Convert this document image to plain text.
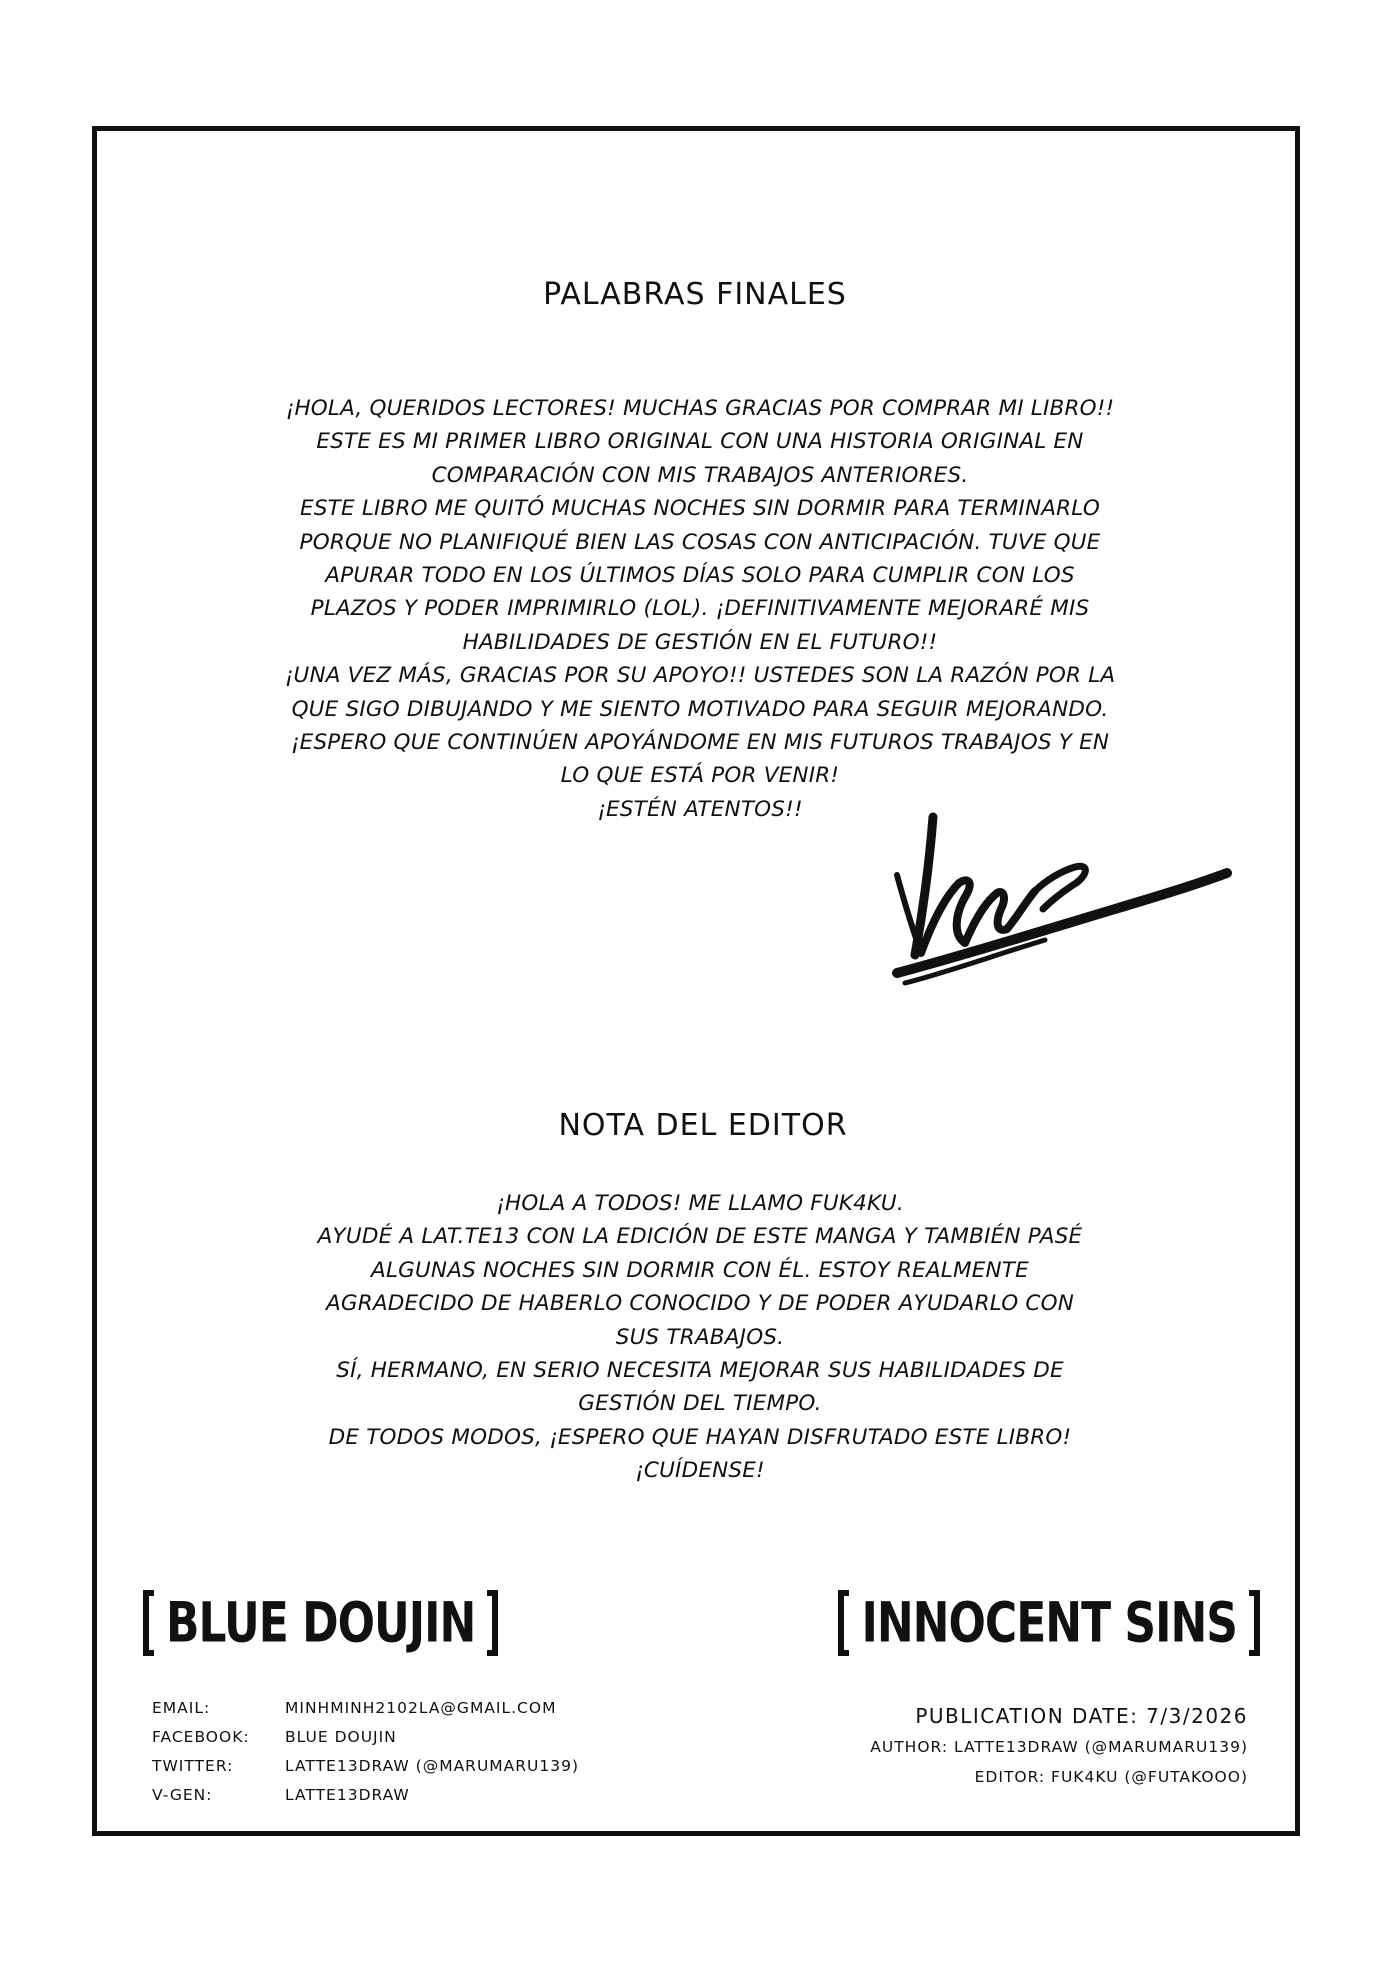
PALABRAS FINALES
¡HOLA, QUERIDOS LECTORES! MUCHAS GRACIAS POR COMPRAR MI LIBRO!!
ESTE ES MI PRIMER LIBRO ORIGINAL CON UNA HISTORIA ORIGINAL EN
COMPARACIÓN CON MIS TRABAJOS ANTERIORES.
ESTE LIBRO ME QUITÓ MUCHAS NOCHES SIN DORMIR PARA TERMINARLO
PORQUE NO PLANIFIQUÉ BIEN LAS COSAS CON ANTICIPACIÓN. TUVE QUE
APURAR TODO EN LOS ÚLTIMOS DÍAS SOLO PARA CUMPLIR CON LOS
PLAZOS Y PODER IMPRIMIRLO (LOL). ¡DEFINITIVAMENTE MEJORARÉ MIS
HABILIDADES DE GESTIÓN EN EL FUTURO!!
¡UNA VEZ MÁS, GRACIAS POR SU APOYO!! USTEDES SON LA RAZÓN POR LA
QUE SIGO DIBUJANDO Y ME SIENTO MOTIVADO PARA SEGUIR MEJORANDO.
¡ESPERO QUE CONTINÚEN APOYÁNDOME EN MIS FUTUROS TRABAJOS Y EN
LO QUE ESTÁ POR VENIR!
¡ESTÉN ATENTOS!!
NOTA DEL EDITOR
¡HOLA A TODOS! ME LLAMO FUK4KU.
AYUDÉ A LAT.TE13 CON LA EDICIÓN DE ESTE MANGA Y TAMBIÉN PASÉ
ALGUNAS NOCHES SIN DORMIR CON ÉL. ESTOY REALMENTE
AGRADECIDO DE HABERLO CONOCIDO Y DE PODER AYUDARLO CON
SUS TRABAJOS.
SÍ, HERMANO, EN SERIO NECESITA MEJORAR SUS HABILIDADES DE
GESTIÓN DEL TIEMPO.
DE TODOS MODOS, ¡ESPERO QUE HAYAN DISFRUTADO ESTE LIBRO!
¡CUÍDENSE!
BLUE DOUJIN	INNOCENT SINS
EMAIL:	MINHMINH2102LA@GMAIL.COM
FACEBOOK:	BLUE DOUJIN
TWITTER:	LATTE13DRAW (@MARUMARU139)
V-GEN:	LATTE13DRAW
PUBLICATION DATE: 7/3/2026
AUTHOR: LATTE13DRAW (@MARUMARU139)
EDITOR: FUK4KU (@FUTAKOOO)
